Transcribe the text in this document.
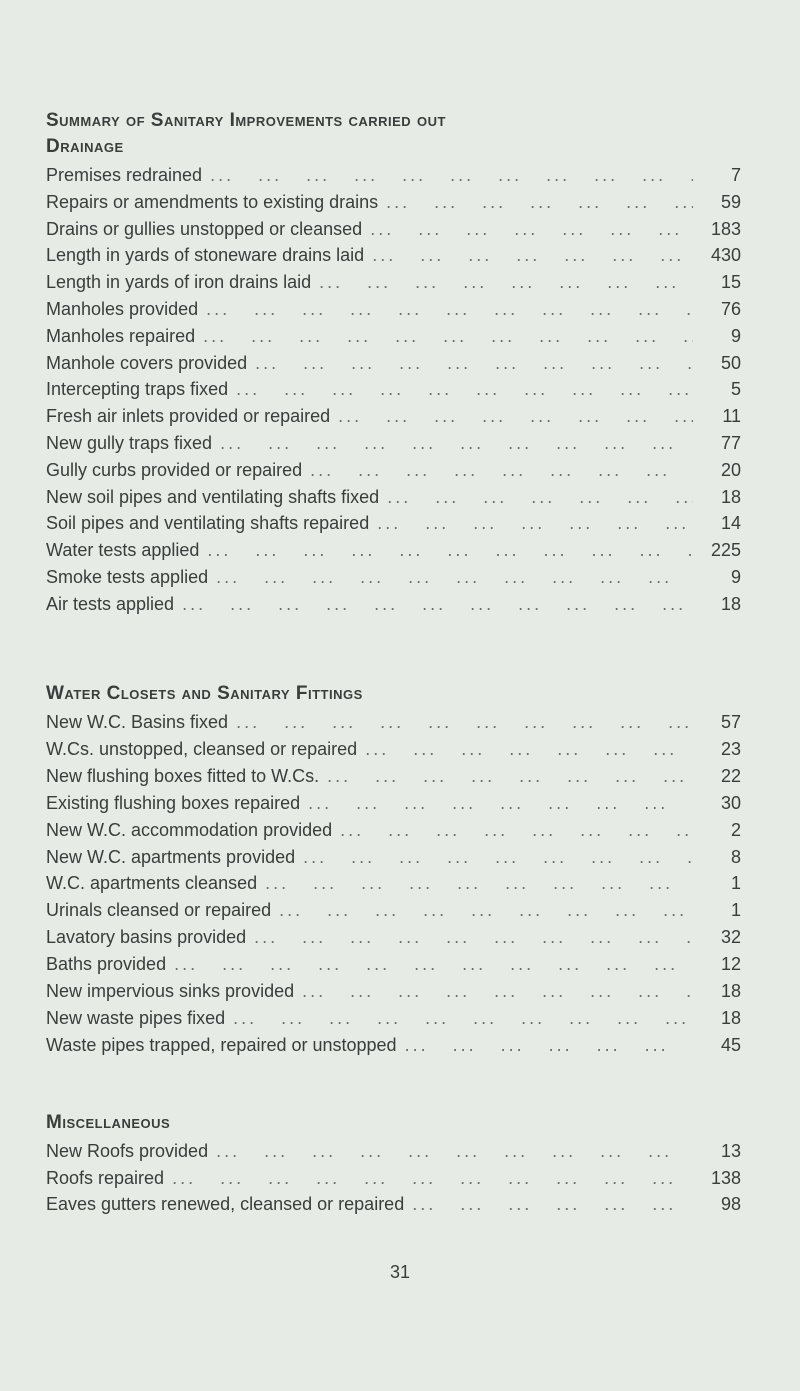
Summary of Sanitary Improvements carried out
Drainage
Premises redrained ...	7
Repairs or amendments to existing drains ...	59
Drains or gullies unstopped or cleansed ...	183
Length in yards of stoneware drains laid ...	430
Length in yards of iron drains laid ...	15
Manholes provided ...	76
Manholes repaired ...	9
Manhole covers provided ...	50
Intercepting traps fixed ...	5
Fresh air inlets provided or repaired ...	11
New gully traps fixed ...	77
Gully curbs provided or repaired ...	20
New soil pipes and ventilating shafts fixed ...	18
Soil pipes and ventilating shafts repaired ...	14
Water tests applied ...	225
Smoke tests applied ...	9
Air tests applied ...	18
Water Closets and Sanitary Fittings
New W.C. Basins fixed ...	57
W.Cs. unstopped, cleansed or repaired ...	23
New flushing boxes fitted to W.Cs. ...	22
Existing flushing boxes repaired ...	30
New W.C. accommodation provided ...	2
New W.C. apartments provided ...	8
W.C. apartments cleansed ...	1
Urinals cleansed or repaired ...	1
Lavatory basins provided ...	32
Baths provided ...	12
New impervious sinks provided ...	18
New waste pipes fixed ...	18
Waste pipes trapped, repaired or unstopped ...	45
Miscellaneous
New Roofs provided ...	13
Roofs repaired ...	138
Eaves gutters renewed, cleansed or repaired ...	98
31
